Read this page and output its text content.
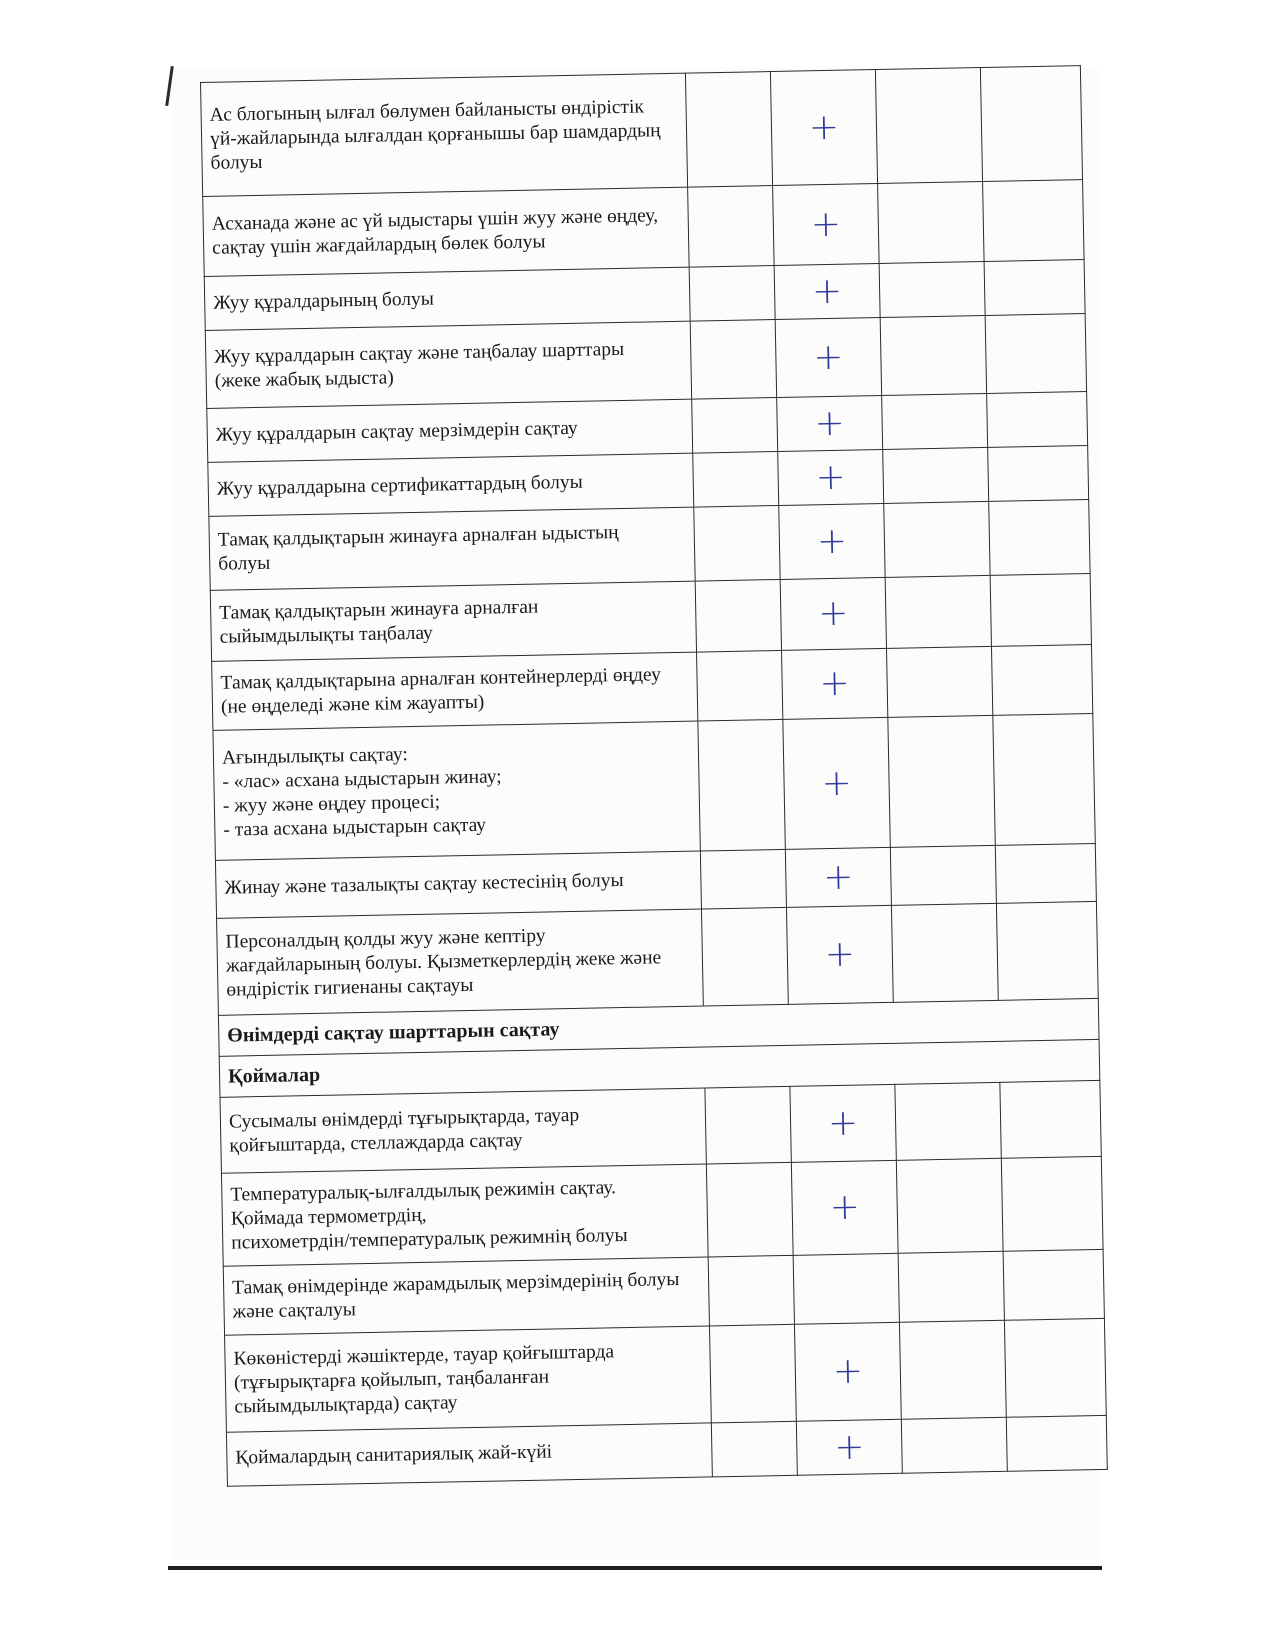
Ас блогының ылғал бөлумен байланысты өндірістік
үй-жайларында ылғалдан қорғанышы бар шамдардың
болуы		+		

Асханада және ас үй ыдыстары үшін жуу және өңдеу,
сақтау үшін жағдайлардың бөлек болуы		+		

Жуу құралдарының болуы		+		

Жуу құралдарын сақтау және таңбалау шарттары
(жеке жабық ыдыста)		+		

Жуу құралдарын сақтау мерзімдерін сақтау		+		

Жуу құралдарына сертификаттардың болуы		+		

Тамақ қалдықтарын жинауға арналған ыдыстың
болуы		+		

Тамақ қалдықтарын жинауға арналған
сыйымдылықты таңбалау		+		

Тамақ қалдықтарына арналған контейнерлерді өңдеу
(не өңделеді және кім жауапты)		+		

Ағындылықты сақтау:
- «лас» асхана ыдыстарын жинау;
- жуу және өңдеу процесі;
- таза асхана ыдыстарын сақтау		+		

Жинау және тазалықты сақтау кестесінің болуы		+		

Персоналдың қолды жуу және кептіру
жағдайларының болуы. Қызметкерлердің жеке және
өндірістік гигиенаны сақтауы		+		
Өнімдерді сақтау шарттарын сақтау				
Қоймалар				

Сусымалы өнімдерді тұғырықтарда, тауар
қойғыштарда, стеллаждарда сақтау		+		

Температуралық-ылғалдылық режимін сақтау.
Қоймада термометрдің,
психометрдін/температуралық режимнің болуы		+		

Тамақ өнімдерінде жарамдылық мерзімдерінің болуы
және сақталуы				

Көкөністерді жәшіктерде, тауар қойғыштарда
(тұғырықтарға қойылып, таңбаланған
сыйымдылықтарда) сақтау		+		

Қоймалардың санитариялық жай-күйі		+		
